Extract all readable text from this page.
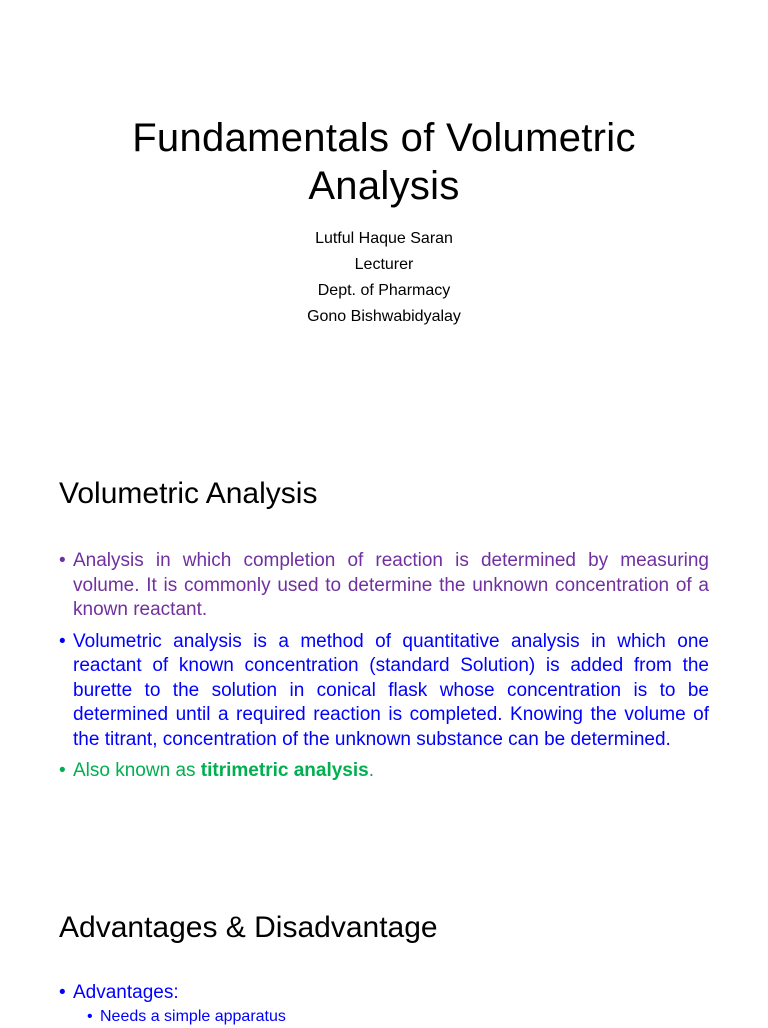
Fundamentals of Volumetric Analysis
Lutful Haque Saran
Lecturer
Dept. of Pharmacy
Gono Bishwabidyalay
Volumetric Analysis
• Analysis in which completion of reaction is determined by measuring volume. It is commonly used to determine the unknown concentration of a known reactant.
• Volumetric analysis is a method of quantitative analysis in which one reactant of known concentration (standard Solution) is added from the burette to the solution in conical flask whose concentration is to be determined until a required reaction is completed. Knowing the volume of the titrant, concentration of the unknown substance can be determined.
• Also known as titrimetric analysis.
Advantages & Disadvantage
• Advantages:
• Needs a simple apparatus
